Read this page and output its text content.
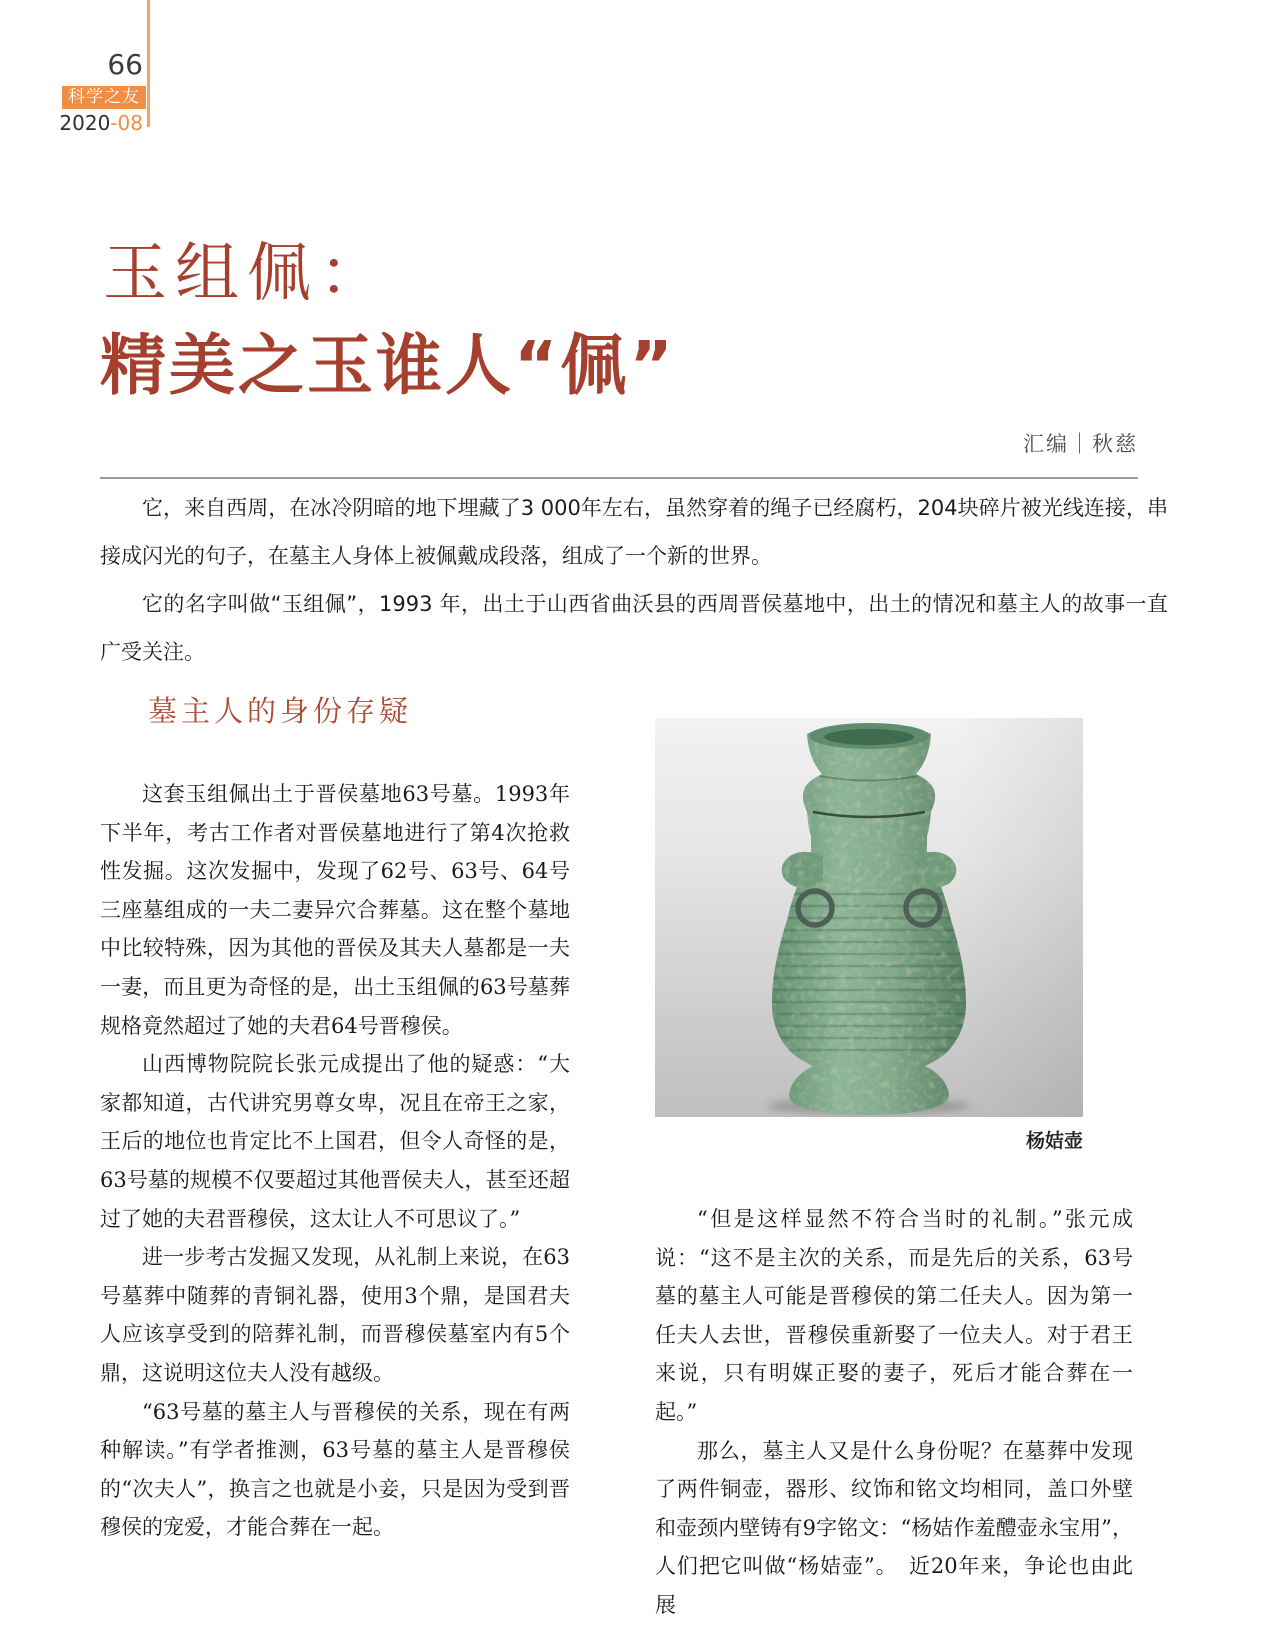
66
科学之友
2020-08
玉组佩：
精美之玉谁人“佩”
汇编｜秋慈

它，来自西周，在冰冷阴暗的地下埋藏了3 000年左右，虽然穿着的绳子已经腐朽，204块碎片被光线连接，串接成闪光的句子，在墓主人身体上被佩戴成段落，组成了一个新的世界。

它的名字叫做“玉组佩”，1993 年，出土于山西省曲沃县的西周晋侯墓地中，出土的情况和墓主人的故事一直广受关注。

墓主人的身份存疑

这套玉组佩出土于晋侯墓地63号墓。1993年下半年，考古工作者对晋侯墓地进行了第4次抢救性发掘。这次发掘中，发现了62号、63号、64号三座墓组成的一夫二妻异穴合葬墓。这在整个墓地中比较特殊，因为其他的晋侯及其夫人墓都是一夫一妻，而且更为奇怪的是，出土玉组佩的63号墓葬规格竟然超过了她的夫君64号晋穆侯。

山西博物院院长张元成提出了他的疑惑：“大家都知道，古代讲究男尊女卑，况且在帝王之家，王后的地位也肯定比不上国君，但令人奇怪的是，63号墓的规模不仅要超过其他晋侯夫人，甚至还超过了她的夫君晋穆侯，这太让人不可思议了。”

进一步考古发掘又发现，从礼制上来说，在63号墓葬中随葬的青铜礼器，使用3个鼎，是国君夫人应该享受到的陪葬礼制，而晋穆侯墓室内有5个鼎，这说明这位夫人没有越级。

“63号墓的墓主人与晋穆侯的关系，现在有两种解读。”有学者推测，63号墓的墓主人是晋穆侯的“次夫人”，换言之也就是小妾，只是因为受到晋穆侯的宠爱，才能合葬在一起。

杨姞壶

“但是这样显然不符合当时的礼制。”张元成说：“这不是主次的关系，而是先后的关系，63号墓的墓主人可能是晋穆侯的第二任夫人。因为第一任夫人去世，晋穆侯重新娶了一位夫人。对于君王来说，只有明媒正娶的妻子，死后才能合葬在一起。”

那么，墓主人又是什么身份呢？在墓葬中发现了两件铜壶，器形、纹饰和铭文均相同，盖口外壁和壶颈内壁铸有9字铭文：“杨姞作羞醴壶永宝用”，人们把它叫做“杨姞壶”。　近20年来，争论也由此展
